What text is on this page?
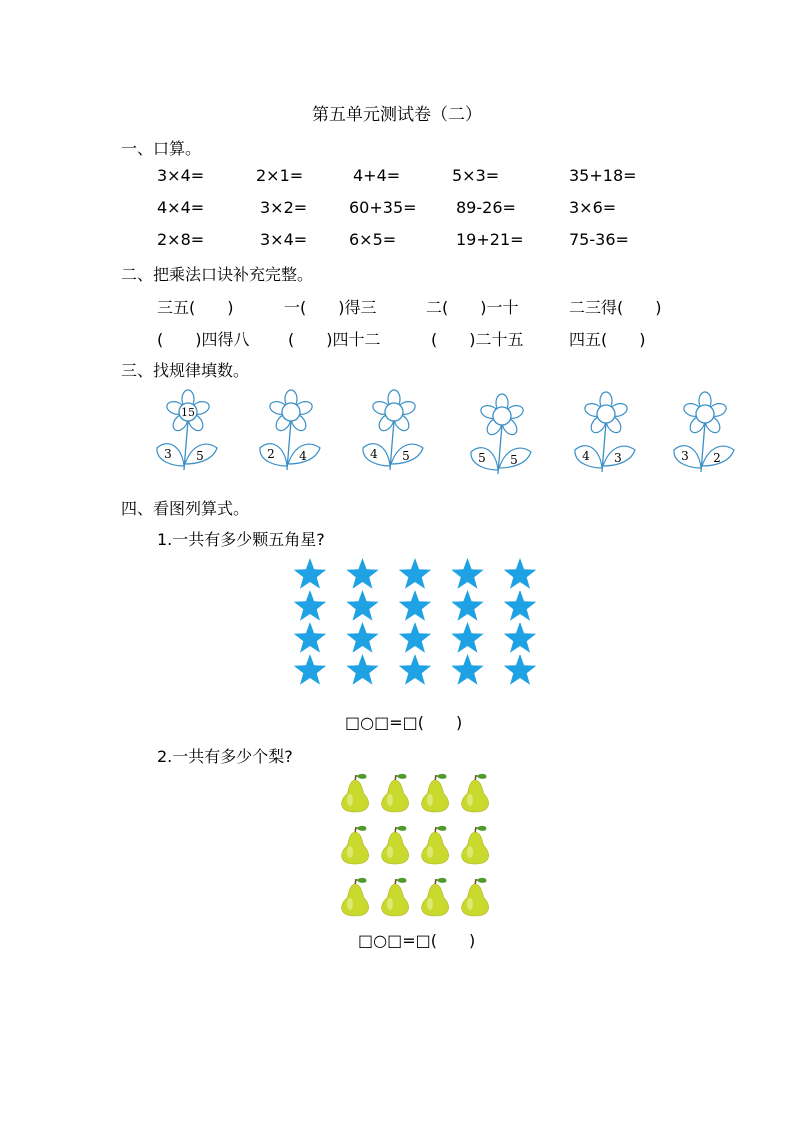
第五单元测试卷（二）
一、口算。
3×4=	2×1=	4+4=	5×3=	35+18=
4×4=	3×2=	60+35= 89-26=	3×6=
2×8=	3×4=	6×5=	19+21=	75-36=
二、把乘法口诀补充完整。
三五(　　)	一(　　)得三	二(　　)一十	二三得(　　)
(　　)四得八 (　　)四十二	(　　)二十五	四五(　　)
三、找规律填数。
15
3 5	2 4	4 5	5 5	4 3	3 2
四、看图列算式。
1.一共有多少颗五角星?
□○□=□(　　)
2.一共有多少个梨?
□○□=□(　　)
